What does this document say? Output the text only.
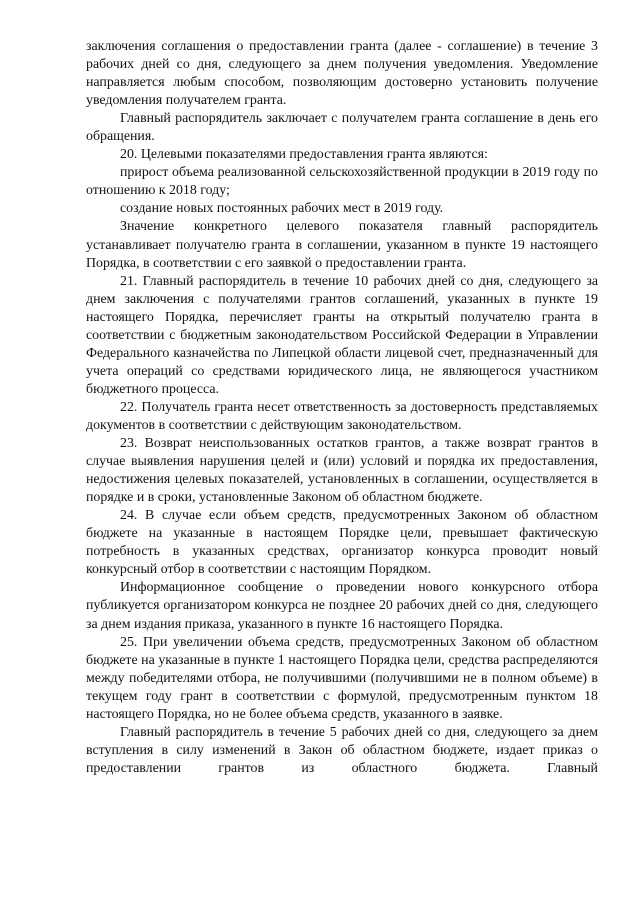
заключения соглашения о предоставлении гранта (далее - соглашение) в течение 3 рабочих дней со дня, следующего за днем получения уведомления. Уведомление направляется любым способом, позволяющим достоверно установить получение уведомления получателем гранта.

Главный распорядитель заключает с получателем гранта соглашение в день его обращения.

20. Целевыми показателями предоставления гранта являются:

прирост объема реализованной сельскохозяйственной продукции в 2019 году по отношению к 2018 году;

создание новых постоянных рабочих мест в 2019 году.

Значение конкретного целевого показателя главный распорядитель устанавливает получателю гранта в соглашении, указанном в пункте 19 настоящего Порядка, в соответствии с его заявкой о предоставлении гранта.

21. Главный распорядитель в течение 10 рабочих дней со дня, следующего за днем заключения с получателями грантов соглашений, указанных в пункте 19 настоящего Порядка, перечисляет гранты на открытый получателю гранта в соответствии с бюджетным законодательством Российской Федерации в Управлении Федерального казначейства по Липецкой области лицевой счет, предназначенный для учета операций со средствами юридического лица, не являющегося участником бюджетного процесса.

22. Получатель гранта несет ответственность за достоверность представляемых документов в соответствии с действующим законодательством.

23. Возврат неиспользованных остатков грантов, а также возврат грантов в случае выявления нарушения целей и (или) условий и порядка их предоставления, недостижения целевых показателей, установленных в соглашении, осуществляется в порядке и в сроки, установленные Законом об областном бюджете.

24. В случае если объем средств, предусмотренных Законом об областном бюджете на указанные в настоящем Порядке цели, превышает фактическую потребность в указанных средствах, организатор конкурса проводит новый конкурсный отбор в соответствии с настоящим Порядком.

Информационное сообщение о проведении нового конкурсного отбора публикуется организатором конкурса не позднее 20 рабочих дней со дня, следующего за днем издания приказа, указанного в пункте 16 настоящего Порядка.

25. При увеличении объема средств, предусмотренных Законом об областном бюджете на указанные в пункте 1 настоящего Порядка цели, средства распределяются между победителями отбора, не получившими (получившими не в полном объеме) в текущем году грант в соответствии с формулой, предусмотренным пунктом 18 настоящего Порядка, но не более объема средств, указанного в заявке.

Главный распорядитель в течение 5 рабочих дней со дня, следующего за днем вступления в силу изменений в Закон об областном бюджете, издает приказ о предоставлении грантов из областного бюджета. Главный
